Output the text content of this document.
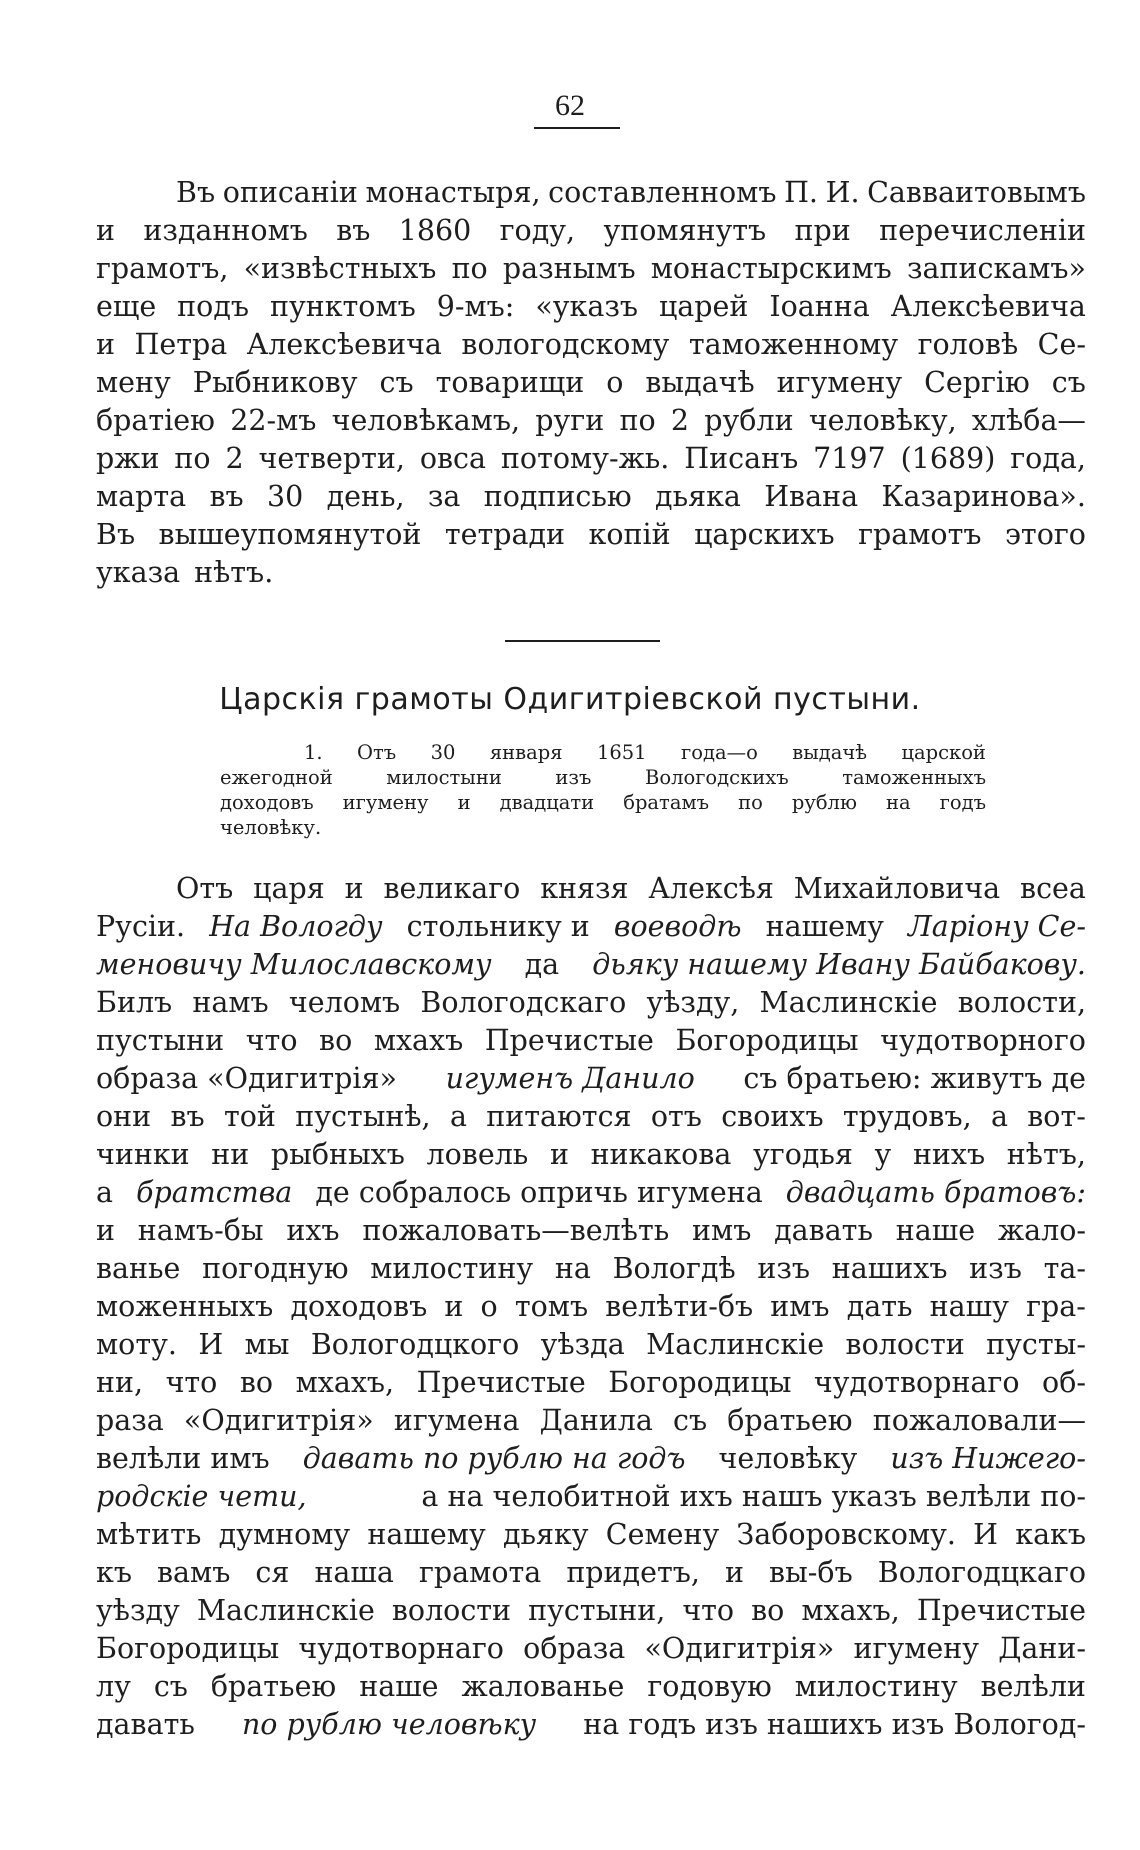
62
Въ описаніи монастыря, составленномъ П. И. Савваитовымъ
и изданномъ въ 1860 году, упомянутъ при перечисленіи
грамотъ, «извѣстныхъ по разнымъ монастырскимъ запискамъ»
еще подъ пунктомъ 9-мъ: «указъ царей Іоанна Алексѣевича
и Петра Алексѣевича вологодскому таможенному головѣ Се-
мену Рыбникову съ товарищи о выдачѣ игумену Сергію съ
братіею 22-мъ человѣкамъ, руги по 2 рубли человѣку, хлѣба—
ржи по 2 четверти, овса потому-жь. Писанъ 7197 (1689) года,
марта въ 30 день, за подписью дьяка Ивана Казаринова».
Въ вышеупомянутой тетради копій царскихъ грамотъ этого
указа нѣтъ.
Царскія грамоты Одигитріевской пустыни.
1. Отъ 30 января 1651 года—о выдачѣ царской
ежегодной	милостыни	изъ	Вологодскихъ	таможенныхъ
доходовъ игумену и двадцати братамъ по рублю на годъ
человѣку.
Отъ царя и великаго князя Алексѣя Михайловича всеа
Русіи. На Вологду стольнику и воеводѣ нашему Ларіону Се-
меновичу Милославскому да дьяку нашему Ивану Байбакову.
Билъ намъ челомъ Вологодскаго уѣзду, Маслинскіе волости,
пустыни что во мхахъ Пречистые Богородицы чудотворного
образа «Одигитрія» игуменъ Данило съ братьею: живутъ де
они въ той пустынѣ, а питаются отъ своихъ трудовъ, а вот-
чинки ни рыбныхъ ловель и никакова угодья у нихъ нѣтъ,
а братства де собралось опричь игумена двадцать братовъ:
и намъ-бы ихъ пожаловать—велѣть имъ давать наше жало-
ванье погодную милостину на Вологдѣ изъ нашихъ изъ та-
моженныхъ доходовъ и о томъ велѣти-бъ имъ дать нашу гра-
моту. И мы Вологодцкого уѣзда Маслинскіе волости пусты-
ни, что во мхахъ, Пречистые Богородицы чудотворнаго об-
раза «Одигитрія» игумена Данила съ братьею пожаловали—
велѣли имъ давать по рублю на годъ человѣку изъ Нижего-
родскіе чети,	а на челобитной ихъ нашъ указъ велѣли по-
мѣтить думному нашему дьяку Семену Заборовскому. И какъ
къ вамъ ся наша грамота придетъ, и вы-бъ Вологодцкаго
уѣзду Маслинскіе волости пустыни, что во мхахъ, Пречистые
Богородицы чудотворнаго образа «Одигитрія» игумену Дани-
лу съ братьею наше жалованье годовую милостину велѣли
давать по рублю человѣку на годъ изъ нашихъ изъ Вологод-
